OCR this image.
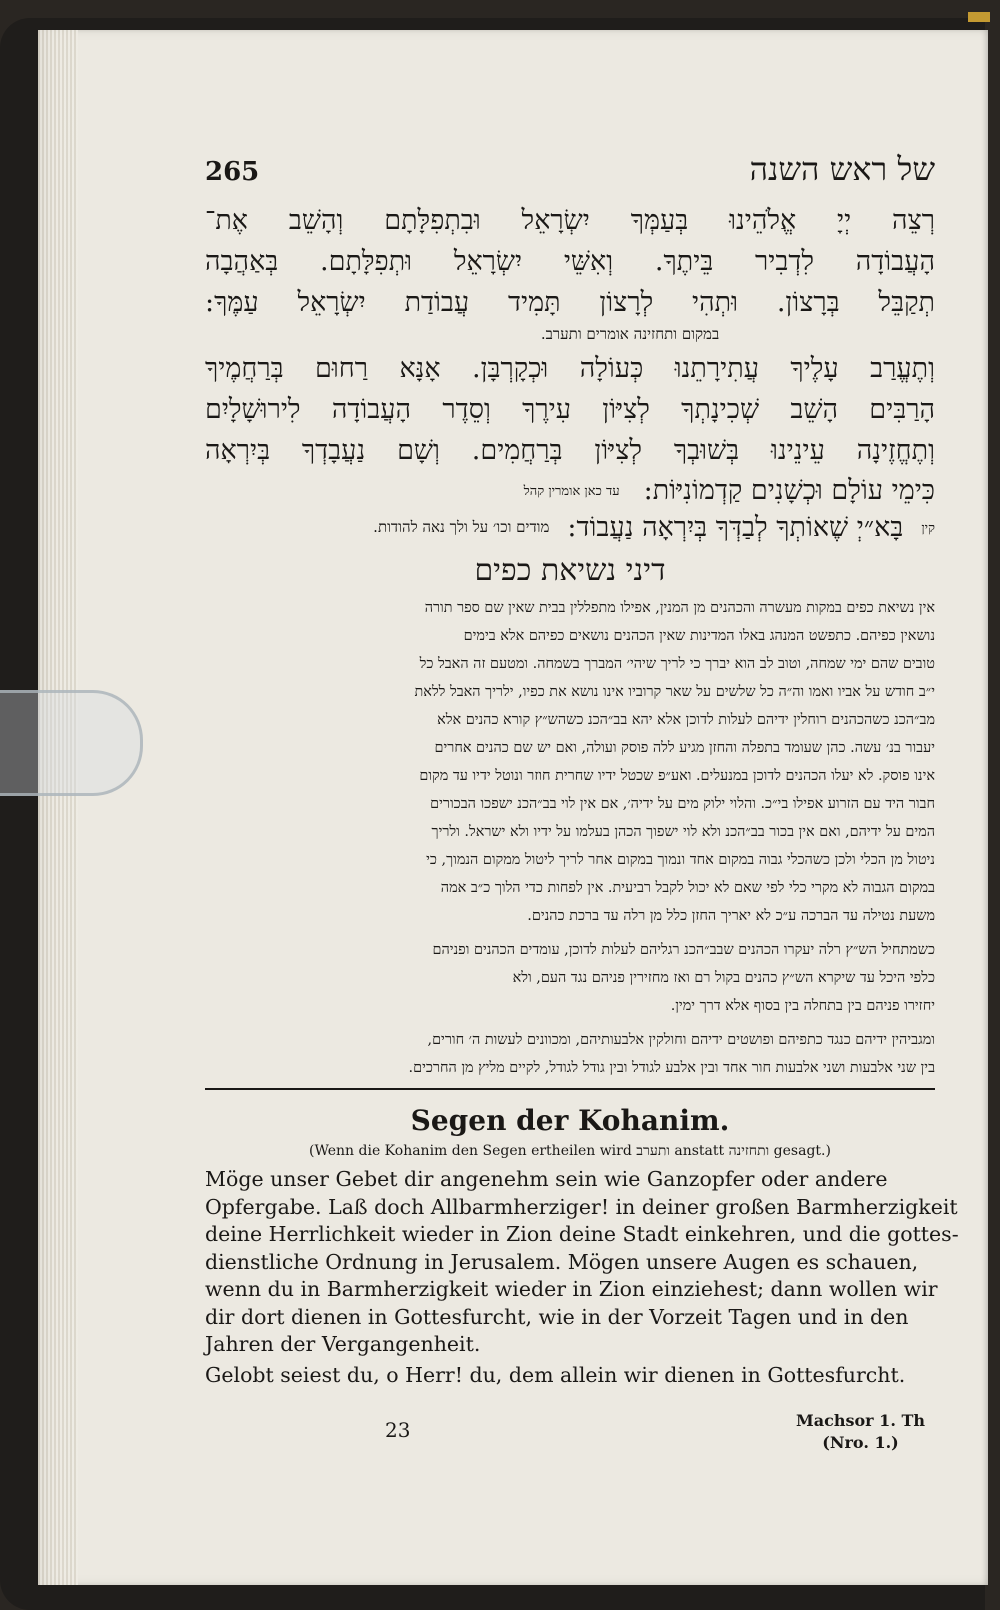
265	של ראש השנה
רְצֵה יְיָ אֱלֹהֵינוּ בְּעַמְּךָ יִשְׂרָאֵל וּבִתְפִלָּתָם וְהָשֵׁב אֶת־
הָעֲבוֹדָה לִדְבִיר בֵּיתֶךָ. וְאִשֵּׁי יִשְׂרָאֵל וּתְפִלָּתָם. בְּאַהֲבָה
תְקַבֵּל בְּרָצוֹן. וּתְהִי לְרָצוֹן תָּמִיד עֲבוֹדַת יִשְׂרָאֵל עַמֶּךָ:
במקום ותחזינה אומרים ותערב.
וְתֶעֱרַב עָלֶיךָ עֲתִירָתֵנוּ כְּעוֹלָה וּכְקָרְבָּן. אָנָּא רַחוּם בְּרַחֲמֶיךָ
הָרַבִּים הָשֵׁב שְׁכִינָתְךָ לְצִיּוֹן עִירֶךָ וְסֵדֶר הָעֲבוֹדָה לִירוּשָׁלָיִם
וְתֶחֱזֶינָה עֵינֵינוּ בְּשׁוּבְךָ לְצִיּוֹן בְּרַחֲמִים. וְשָׁם נַעֲבָדְךָ בְּיִרְאָה
כִּימֵי עוֹלָם וּכְשָׁנִים קַדְמוֹנִיּוֹת:
עד כאן אומרין קהל
קין
בָּא״יְ שֶׁאוֹתְךָ לְבַדְּךָ בְּיִרְאָה נַעֲבוֹד:
מודים וכו׳ על ולך נאה להודות.
דיני נשיאת כפים
אין נשיאת כפים במקות מעשרה והכהנים מן המנין, אפילו מתפללין בבית שאין שם ספר תורה
נושאין כפיהם. כתפשט המנהג באלו המדינות שאין הכהנים נושאים כפיהם אלא בימים
טובים שהם ימי שמחה, וטוב לב הוא יברך כי לריך שיהי׳ המברך בשמחה. ומטעם זה האבל כל
י״ב חודש על אביו ואמו וה״ה כל שלשים על שאר קרוביו אינו נושא את כפיו, ילריך האבל ללאת
מב״הכנ כשהכהנים רוחלין ידיהם לעלות לדוכן אלא יהא בב״הכנ כשהש״ץ קורא כהנים אלא
יעבור בנ׳ עשה. כהן שעומד בתפלה והחזן מגיע ללה פוסק ועולה, ואם יש שם כהנים אחרים
אינו פוסק. לא יעלו הכהנים לדוכן במנעלים. ואע״פ שכטל ידיו שחרית חוזר ונוטל ידיו עד מקום
חבור היד עם הזרוע אפילו בי״כ. והלוי ילוק מים על ידיה׳, אם אין לוי בב״הכנ ישפכו הבכורים
המים על ידיהם, ואם אין בכור בב״הכנ ולא לוי ישפוך הכהן בעלמו על ידיו ולא ישראל. ולריך
ניטול מן הכלי ולכן כשהכלי גבוה במקום אחד ונמוך במקום אחר לריך ליטול ממקום הנמוך, כי
במקום הגבוה לא מקרי כלי לפי שאם לא יכול לקבל רביעית. אין לפחות כדי הלוך כ״ב אמה
משעת נטילה עד הברכה ע״כ לא יאריך החזן כלל מן רלה עד ברכת כהנים.
כשמתחיל הש״ץ רלה יעקרו הכהנים שבב״הכנ רגליהם לעלות לדוכן, עומדים הכהנים ופניהם
כלפי היכל עד שיקרא הש״ץ כהנים בקול רם ואז מחזירין פניהם נגד העם, ולא
יחזירו פניהם בין בתחלה בין בסוף אלא דרך ימין.
ומגביהין ידיהם כנגד כתפיהם ופושטים ידיהם וחולקין אלבעותיהם, ומכוונים לעשות ה׳ חורים,
בין שני אלבעות ושני אלבעות חור אחד ובין אלבע לגודל ובין גודל לגודל, לקיים מליץ מן החרכים.
Segen der Kohanim.
(Wenn die Kohanim den Segen ertheilen wird ותערב anstatt ותחזינה gesagt.)
Möge unser Gebet dir angenehm sein wie Ganzopfer oder andere
Opfergabe. Laß doch Allbarmherziger! in deiner großen Barmherzigkeit
deine Herrlichkeit wieder in Zion deine Stadt einkehren, und die gottes-
dienstliche Ordnung in Jerusalem. Mögen unsere Augen es schauen,
wenn du in Barmherzigkeit wieder in Zion einziehest; dann wollen wir
dir dort dienen in Gottesfurcht, wie in der Vorzeit Tagen und in den
Jahren der Vergangenheit.
Gelobt seiest du, o Herr! du, dem allein wir dienen in Gottesfurcht.
23	Machsor 1. Th
(Nro. 1.)
